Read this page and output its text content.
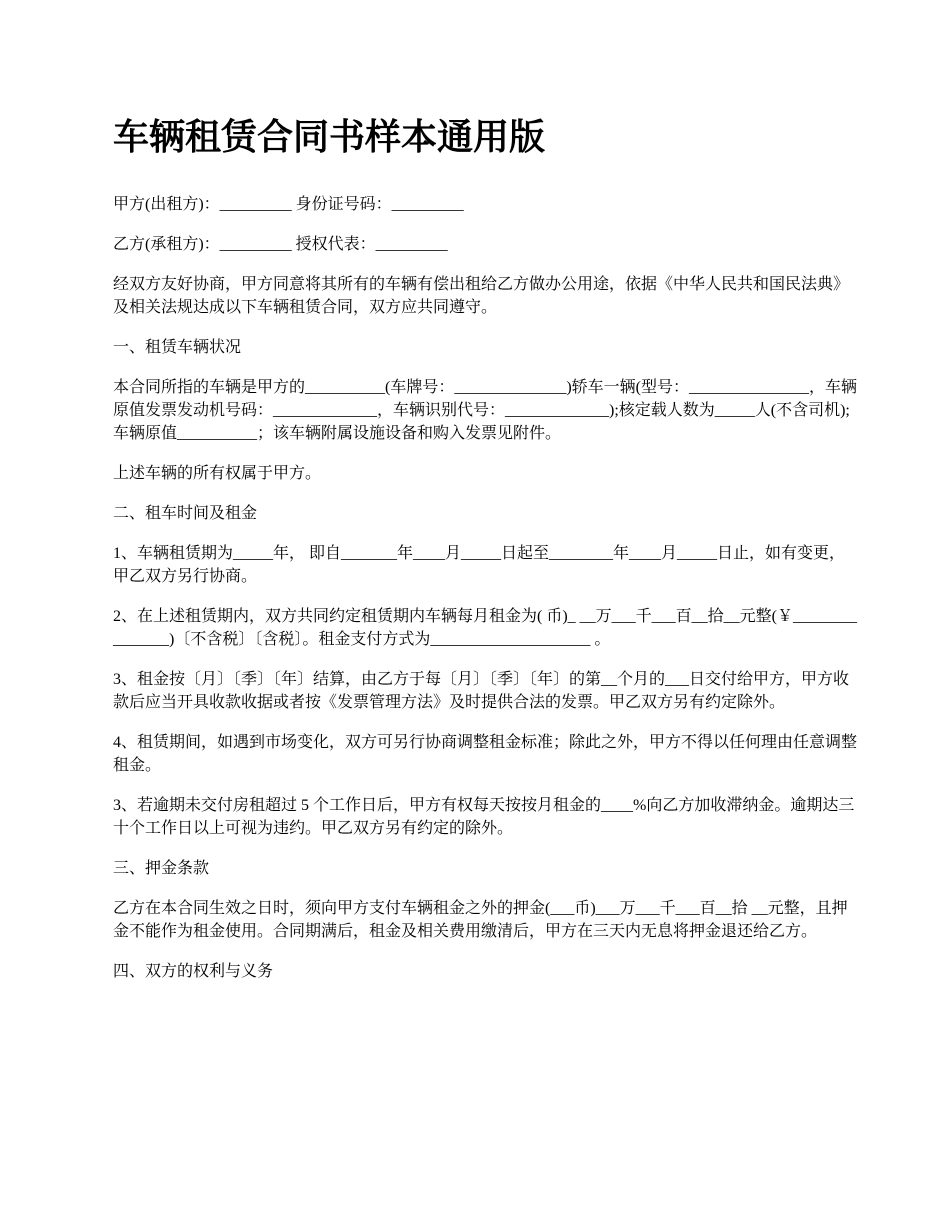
车辆租赁合同书样本通用版

甲方(出租方)：_________ 身份证号码：_________

乙方(承租方)：_________ 授权代表：_________

经双方友好协商，甲方同意将其所有的车辆有偿出租给乙方做办公用途，依据《中华人民共和国民法典》及相关法规达成以下车辆租赁合同，双方应共同遵守。

一、租赁车辆状况

本合同所指的车辆是甲方的__________(车牌号：______________)轿车一辆(型号：_______________，车辆原值发票发动机号码：_____________，车辆识别代号：_____________);核定载人数为_____人(不含司机);车辆原值__________；该车辆附属设施设备和购入发票见附件。

上述车辆的所有权属于甲方。

二、租车时间及租金

1、车辆租赁期为_____年， 即自_______年____月_____日起至________年____月_____日止，如有变更，甲乙双方另行协商。

2、在上述租赁期内，双方共同约定租赁期内车辆每月租金为( 币)_ __万___千___百__拾__元整(￥_______________)〔不含税〕〔含税〕。租金支付方式为____________________ 。

3、租金按〔月〕〔季〕〔年〕结算，由乙方于每〔月〕〔季〕〔年〕的第__个月的___日交付给甲方，甲方收款后应当开具收款收据或者按《发票管理方法》及时提供合法的发票。甲乙双方另有约定除外。

4、租赁期间，如遇到市场变化，双方可另行协商调整租金标准；除此之外，甲方不得以任何理由任意调整租金。

3、若逾期未交付房租超过 5 个工作日后，甲方有权每天按按月租金的____%向乙方加收滞纳金。逾期达三十个工作日以上可视为违约。甲乙双方另有约定的除外。

三、押金条款

乙方在本合同生效之日时，须向甲方支付车辆租金之外的押金(___币)___万___千___百__拾 __元整，且押金不能作为租金使用。合同期满后，租金及相关费用缴清后，甲方在三天内无息将押金退还给乙方。

四、双方的权利与义务
